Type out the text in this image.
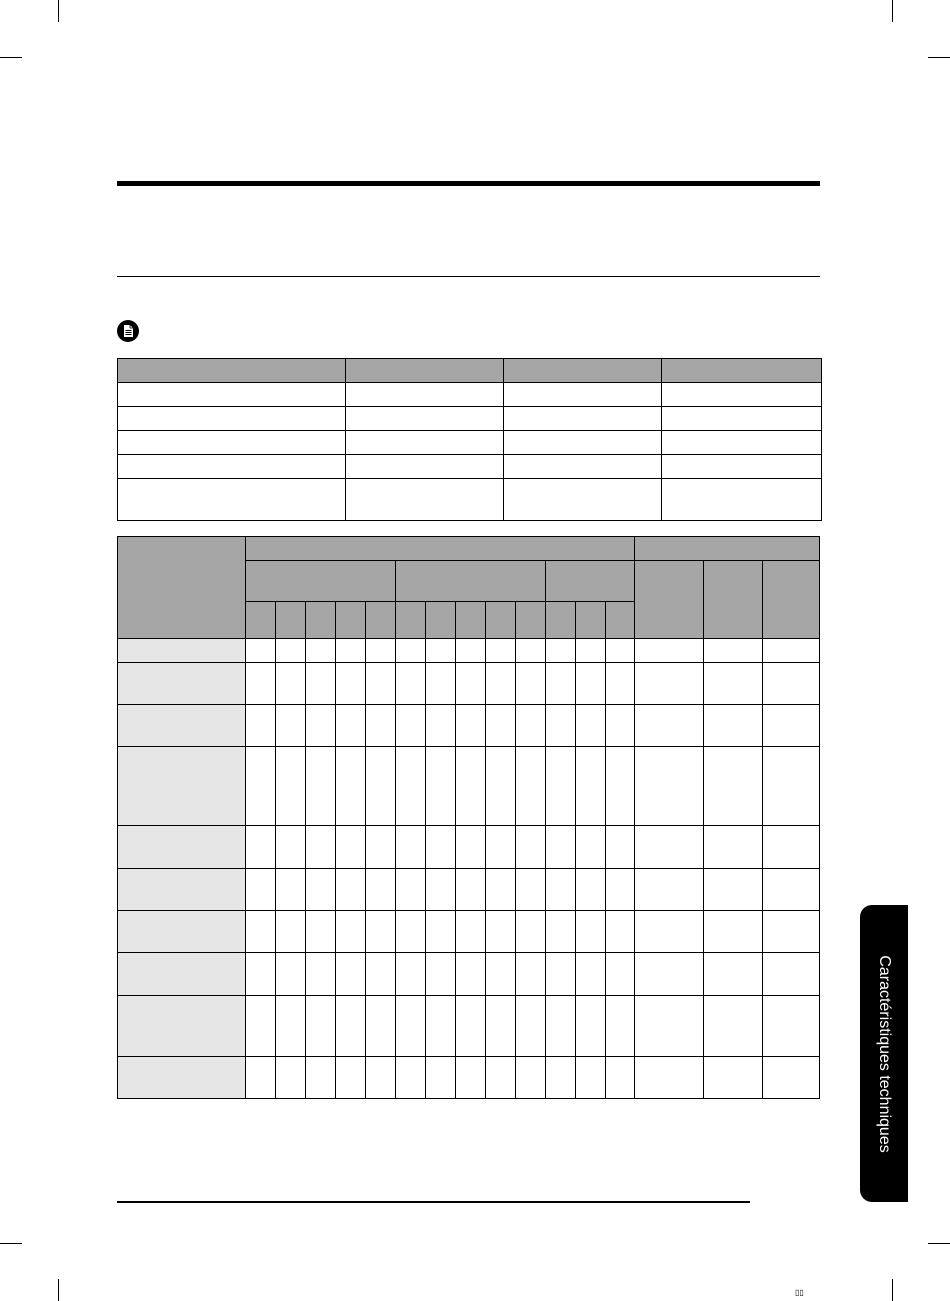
Caractéristiques techniques
▯▯
